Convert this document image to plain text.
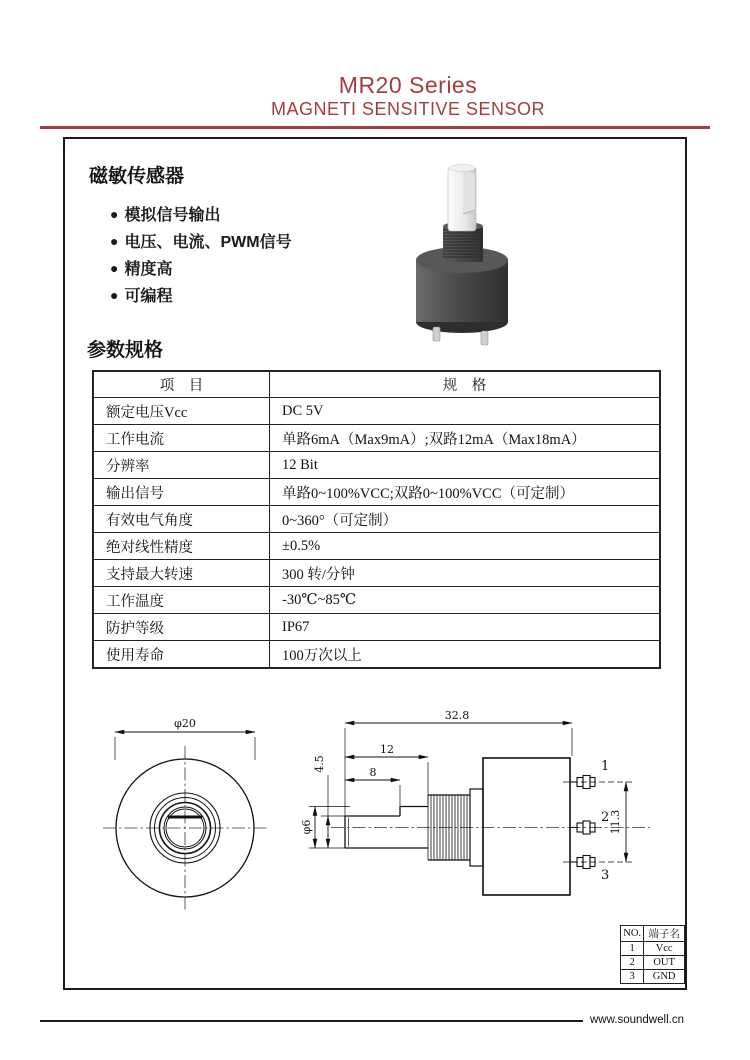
MR20 Series
MAGNETI SENSITIVE SENSOR
磁敏传感器
● 模拟信号输出
● 电压、电流、PWM信号
● 精度高
● 可编程
参数规格
项　目	规　格
额定电压Vcc	DC 5V
工作电流	单路6mA（Max9mA）;双路12mA（Max18mA）
分辨率	12 Bit
输出信号	单路0~100%VCC;双路0~100%VCC（可定制）
有效电气角度	0~360°（可定制）
绝对线性精度	±0.5%
支持最大转速	300 转/分钟
工作温度	-30℃~85℃
防护等级	IP67
使用寿命	100万次以上
φ20
32.8
12
8
4.5
φ6	11.3
1
2
3
NO.	端子名
1	Vcc
2	OUT
3	GND
www.soundwell.cn
